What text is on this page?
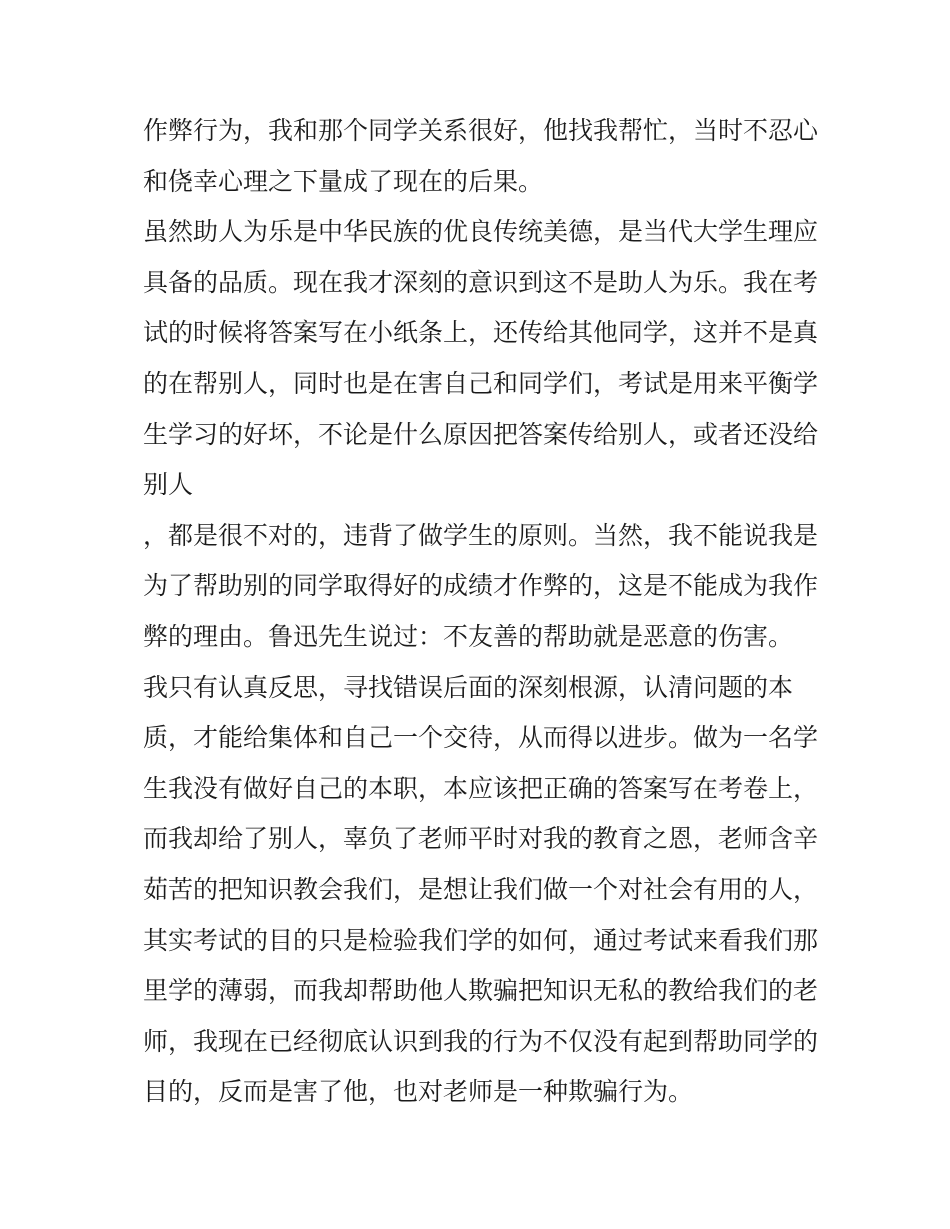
作弊行为，我和那个同学关系很好，他找我帮忙，当时不忍心

和侥幸心理之下量成了现在的后果。

虽然助人为乐是中华民族的优良传统美德，是当代大学生理应

具备的品质。现在我才深刻的意识到这不是助人为乐。我在考

试的时候将答案写在小纸条上，还传给其他同学，这并不是真

的在帮别人，同时也是在害自己和同学们，考试是用来平衡学

生学习的好坏，不论是什么原因把答案传给别人，或者还没给

别人

，都是很不对的，违背了做学生的原则。当然，我不能说我是

为了帮助别的同学取得好的成绩才作弊的，这是不能成为我作

弊的理由。鲁迅先生说过：不友善的帮助就是恶意的伤害。

我只有认真反思，寻找错误后面的深刻根源，认清问题的本

质，才能给集体和自己一个交待，从而得以进步。做为一名学

生我没有做好自己的本职，本应该把正确的答案写在考卷上，

而我却给了别人，辜负了老师平时对我的教育之恩，老师含辛

茹苦的把知识教会我们，是想让我们做一个对社会有用的人，

其实考试的目的只是检验我们学的如何，通过考试来看我们那

里学的薄弱，而我却帮助他人欺骗把知识无私的教给我们的老

师，我现在已经彻底认识到我的行为不仅没有起到帮助同学的

目的，反而是害了他，也对老师是一种欺骗行为。
